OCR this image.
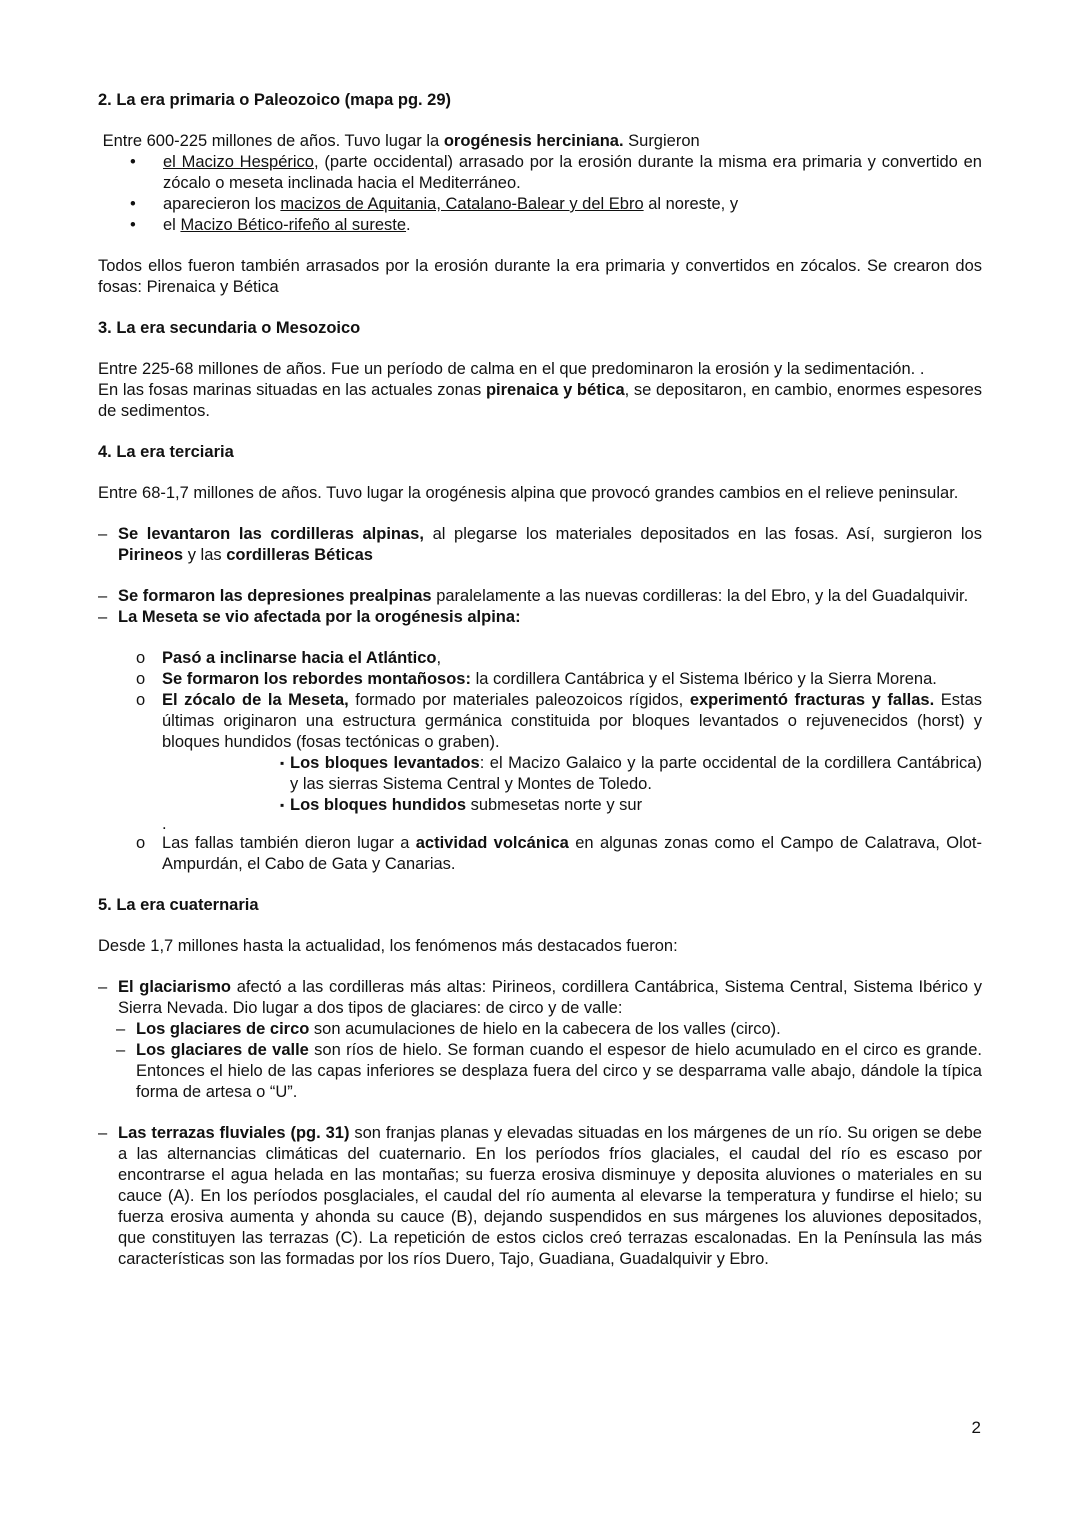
2. La era primaria o Paleozoico (mapa pg. 29)

Entre 600-225 millones de años. Tuvo lugar la orogénesis herciniana. Surgieron

• el Macizo Hespérico, (parte occidental) arrasado por la erosión durante la misma era primaria y convertido en zócalo o meseta inclinada hacia el Mediterráneo.
• aparecieron los macizos de Aquitania, Catalano-Balear y del Ebro al noreste, y
• el Macizo Bético-rifeño al sureste.

Todos ellos fueron también arrasados por la erosión durante la era primaria y convertidos en zócalos. Se crearon dos fosas: Pirenaica y Bética

3. La era secundaria o Mesozoico

Entre 225-68 millones de años. Fue un período de calma en el que predominaron la erosión y la sedimentación. .

En las fosas marinas situadas en las actuales zonas pirenaica y bética, se depositaron, en cambio, enormes espesores de sedimentos.

4. La era terciaria

Entre 68-1,7 millones de años. Tuvo lugar la orogénesis alpina que provocó grandes cambios en el relieve peninsular.

– Se levantaron las cordilleras alpinas, al plegarse los materiales depositados en las fosas. Así, surgieron los Pirineos y las cordilleras Béticas

– Se formaron las depresiones prealpinas paralelamente a las nuevas cordilleras: la del Ebro, y la del Guadalquivir.

– La Meseta se vio afectada por la orogénesis alpina:

o Pasó a inclinarse hacia el Atlántico,

o Se formaron los rebordes montañosos: la cordillera Cantábrica y el Sistema Ibérico y la Sierra Morena.

o El zócalo de la Meseta, formado por materiales paleozoicos rígidos, experimentó fracturas y fallas. Estas últimas originaron una estructura germánica constituida por bloques levantados o rejuvenecidos (horst) y bloques hundidos (fosas tectónicas o graben).

▪ Los bloques levantados: el Macizo Galaico y la parte occidental de la cordillera Cantábrica) y las sierras Sistema Central y Montes de Toledo.

▪ Los bloques hundidos submesetas norte y sur

.

o Las fallas también dieron lugar a actividad volcánica en algunas zonas como el Campo de Calatrava, Olot-Ampurdán, el Cabo de Gata y Canarias.

5. La era cuaternaria

Desde 1,7 millones hasta la actualidad, los fenómenos más destacados fueron:

– El glaciarismo afectó a las cordilleras más altas: Pirineos, cordillera Cantábrica, Sistema Central, Sistema Ibérico y Sierra Nevada. Dio lugar a dos tipos de glaciares: de circo y de valle:

– Los glaciares de circo son acumulaciones de hielo en la cabecera de los valles (circo).

– Los glaciares de valle son ríos de hielo. Se forman cuando el espesor de hielo acumulado en el circo es grande. Entonces el hielo de las capas inferiores se desplaza fuera del circo y se desparrama valle abajo, dándole la típica forma de artesa o “U”.

– Las terrazas fluviales (pg. 31) son franjas planas y elevadas situadas en los márgenes de un río. Su origen se debe a las alternancias climáticas del cuaternario. En los períodos fríos glaciales, el caudal del río es escaso por encontrarse el agua helada en las montañas; su fuerza erosiva disminuye y deposita aluviones o materiales en su cauce (A). En los períodos posglaciales, el caudal del río aumenta al elevarse la temperatura y fundirse el hielo; su fuerza erosiva aumenta y ahonda su cauce (B), dejando suspendidos en sus márgenes los aluviones depositados, que constituyen las terrazas (C). La repetición de estos ciclos creó terrazas escalonadas. En la Península las más características son las formadas por los ríos Duero, Tajo, Guadiana, Guadalquivir y Ebro.

2
